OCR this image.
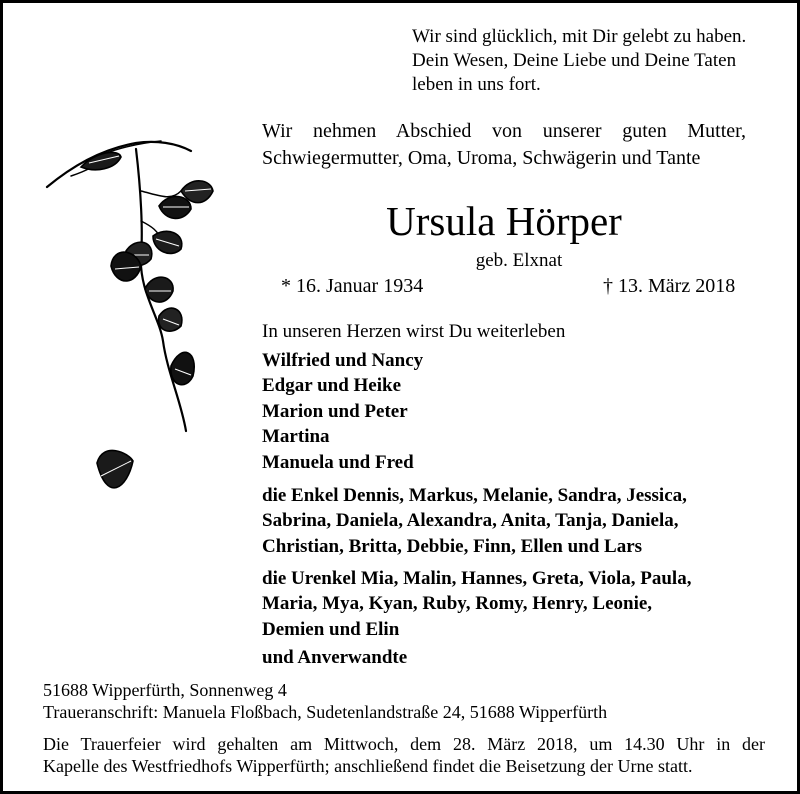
Wir sind glücklich, mit Dir gelebt zu haben.
Dein Wesen, Deine Liebe und Deine Taten
leben in uns fort.

Wir nehmen Abschied von unserer guten Mutter,
Schwiegermutter, Oma, Uroma, Schwägerin und Tante

Ursula Hörper

geb. Elxnat

* 16. Januar 1934	† 13. März 2018

In unseren Herzen wirst Du weiterleben

Wilfried und Nancy
Edgar und Heike
Marion und Peter
Martina
Manuela und Fred
die Enkel Dennis, Markus, Melanie, Sandra, Jessica,
Sabrina, Daniela, Alexandra, Anita, Tanja, Daniela,
Christian, Britta, Debbie, Finn, Ellen und Lars
die Urenkel Mia, Malin, Hannes, Greta, Viola, Paula,
Maria, Mya, Kyan, Ruby, Romy, Henry, Leonie,
Demien und Elin
und Anverwandte
51688 Wipperfürth, Sonnenweg 4
Traueranschrift: Manuela Floßbach, Sudetenlandstraße 24, 51688 Wipperfürth
Die Trauerfeier wird gehalten am Mittwoch, dem 28. März 2018, um 14.30 Uhr in der
Kapelle des Westfriedhofs Wipperfürth; anschließend findet die Beisetzung der Urne statt.
